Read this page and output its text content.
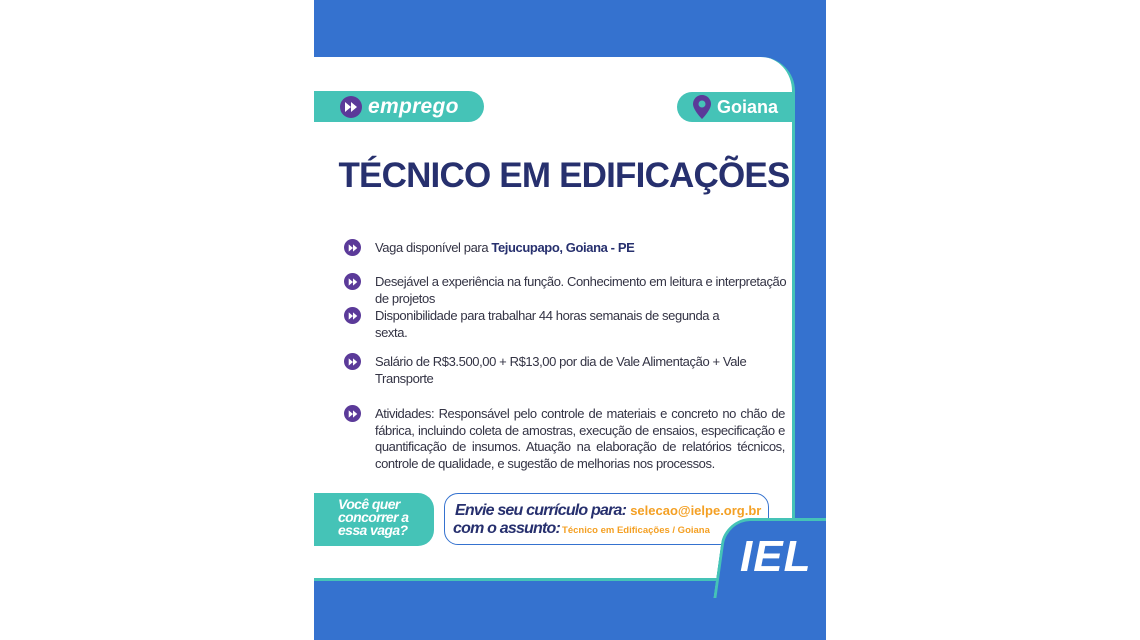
emprego	Goiana
TÉCNICO EM EDIFICAÇÕES
Vaga disponível para Tejucupapo, Goiana - PE
Desejável a experiência na função. Conhecimento em leitura e interpretação de projetos
Disponibilidade para trabalhar 44 horas semanais de segunda a sexta.
Salário de R$3.500,00 + R$13,00 por dia de Vale Alimentação + Vale Transporte
Atividades: Responsável pelo controle de materiais e concreto no chão de fábrica, incluindo coleta de amostras, execução de ensaios, especificação e quantificação de insumos. Atuação na elaboração de relatórios técnicos, controle de qualidade, e sugestão de melhorias nos processos.
Você quer concorrer a essa vaga?
Envie seu currículo para: selecao@ielpe.org.br
com o assunto: Técnico em Edificações / Goiana
IEL
